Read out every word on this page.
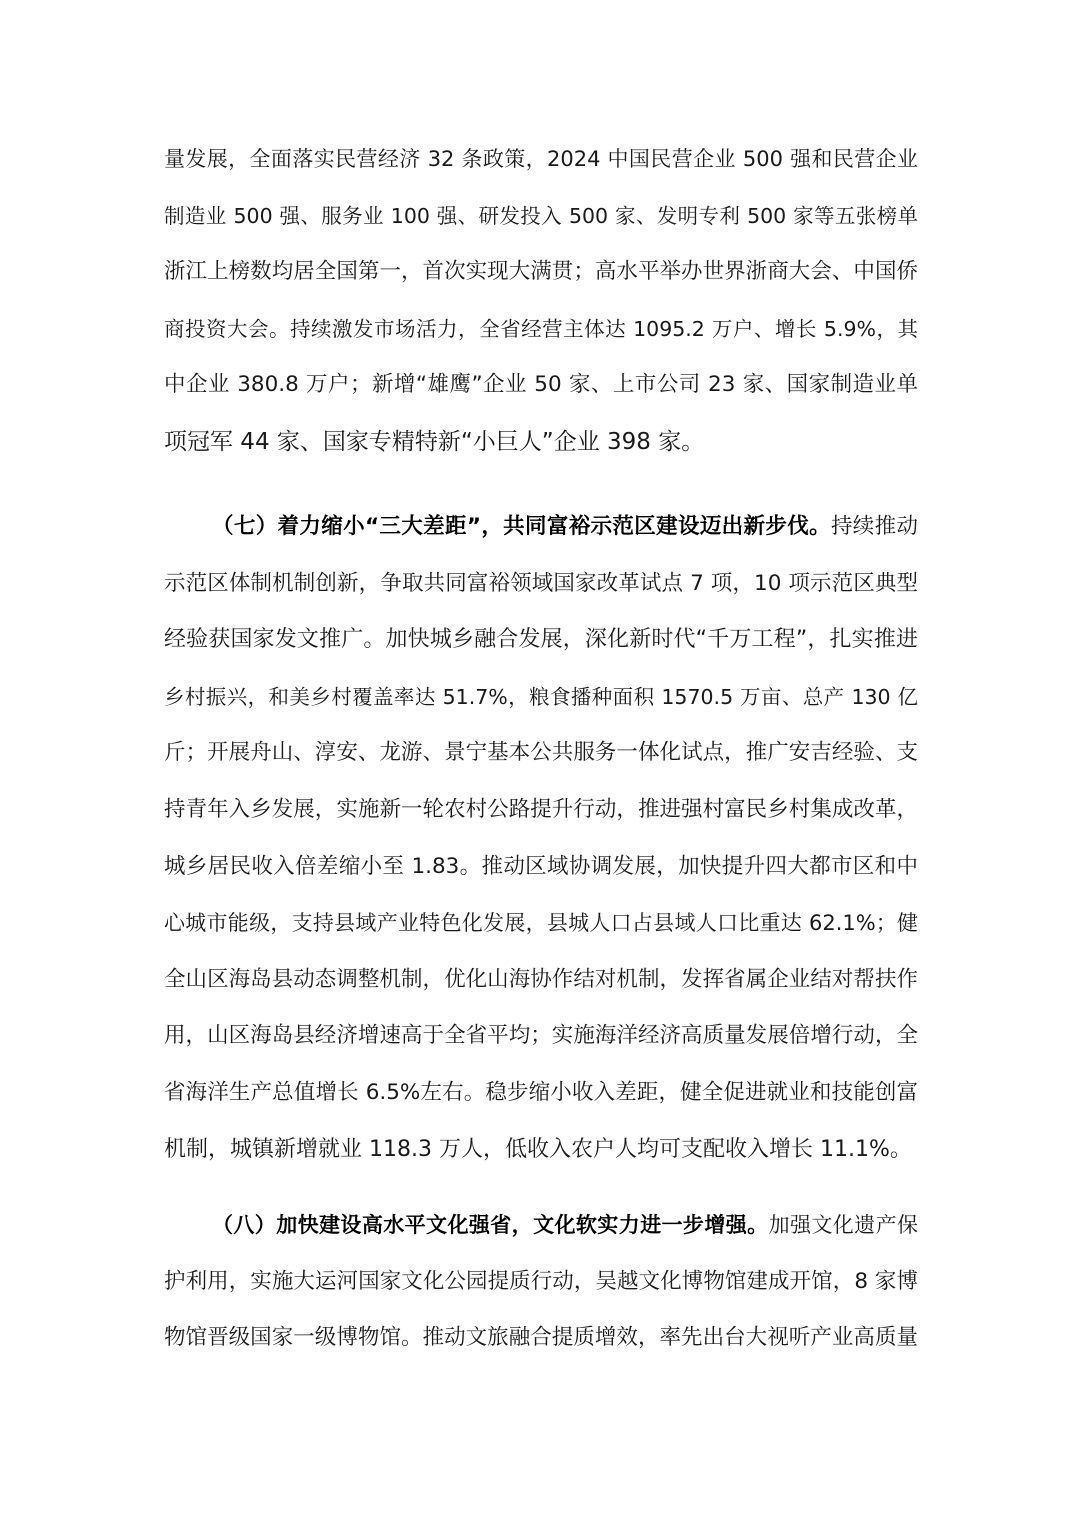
量发展，全面落实民营经济 32 条政策，2024 中国民营企业 500 强和民营企业
制造业 500 强、服务业 100 强、研发投入 500 家、发明专利 500 家等五张榜单
浙江上榜数均居全国第一，首次实现大满贯；高水平举办世界浙商大会、中国侨
商投资大会。持续激发市场活力，全省经营主体达 1095.2 万户、增长 5.9%，其
中企业 380.8 万户；新增“雄鹰”企业 50 家、上市公司 23 家、国家制造业单
项冠军 44 家、国家专精特新“小巨人”企业 398 家。
（七）着力缩小“三大差距”，共同富裕示范区建设迈出新步伐。持续推动
示范区体制机制创新，争取共同富裕领域国家改革试点 7 项，10 项示范区典型
经验获国家发文推广。加快城乡融合发展，深化新时代“千万工程”，扎实推进
乡村振兴，和美乡村覆盖率达 51.7%，粮食播种面积 1570.5 万亩、总产 130 亿
斤；开展舟山、淳安、龙游、景宁基本公共服务一体化试点，推广安吉经验、支
持青年入乡发展，实施新一轮农村公路提升行动，推进强村富民乡村集成改革，
城乡居民收入倍差缩小至 1.83。推动区域协调发展，加快提升四大都市区和中
心城市能级，支持县域产业特色化发展，县城人口占县域人口比重达 62.1%；健
全山区海岛县动态调整机制，优化山海协作结对机制，发挥省属企业结对帮扶作
用，山区海岛县经济增速高于全省平均；实施海洋经济高质量发展倍增行动，全
省海洋生产总值增长 6.5%左右。稳步缩小收入差距，健全促进就业和技能创富
机制，城镇新增就业 118.3 万人，低收入农户人均可支配收入增长 11.1%。
（八）加快建设高水平文化强省，文化软实力进一步增强。加强文化遗产保
护利用，实施大运河国家文化公园提质行动，吴越文化博物馆建成开馆，8 家博
物馆晋级国家一级博物馆。推动文旅融合提质增效，率先出台大视听产业高质量
